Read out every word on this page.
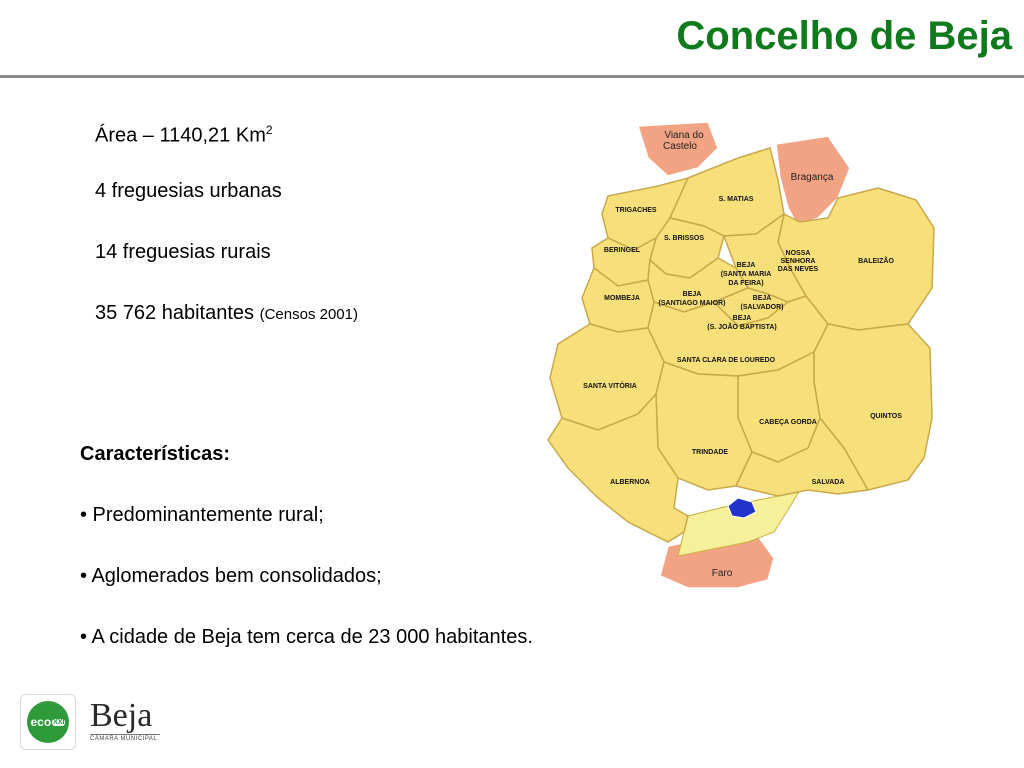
Concelho de Beja
Área – 1140,21 Km$^2$
4 freguesias urbanas
14 freguesias rurais
35 762 habitantes (Censos 2001)
Características:
• Predominantemente rural;
• Aglomerados bem consolidados;
• A cidade de Beja tem cerca de 23 000 habitantes.
Viana do
Castelo
Bragança
Faro
S. MATIAS
TRIGACHES
S. BRISSOS
BERINGEL	NOSSA
SENHORA
DAS NEVES
BALEIZÃO
BEJA
(SANTA MARIA
DA FEIRA)
MOMBEJA
BEJA
(SANTIAGO MAIOR)
BEJA
(SALVADOR)
BEJA
(S. JOÃO BAPTISTA)
SANTA CLARA DE LOUREDO
SANTA VITÓRIA
QUINTOS
CABEÇA GORDA
TRINDADE
ALBERNOA	SALVADA
eco XXI Beja
CÂMARA MUNICIPAL
